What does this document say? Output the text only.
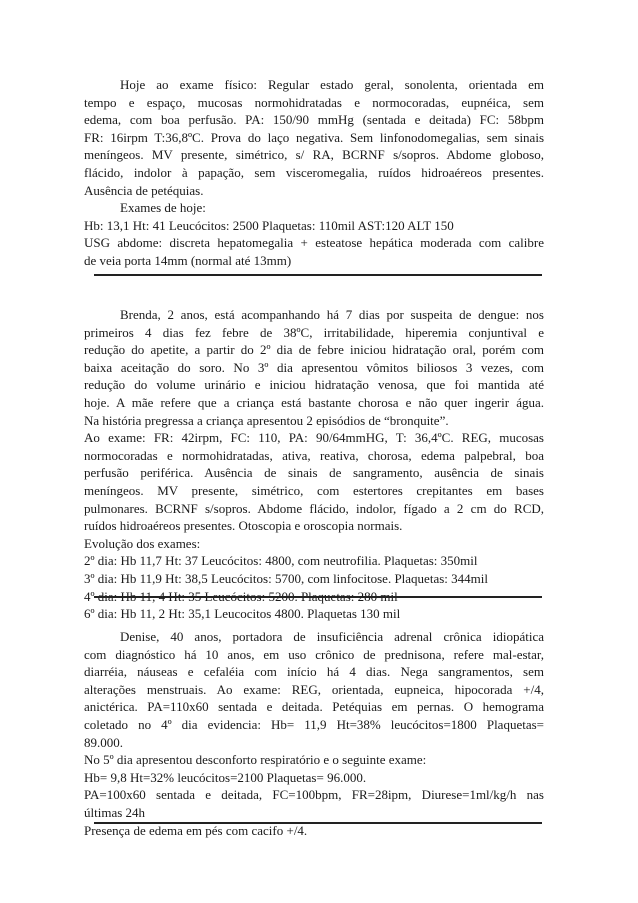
Hoje ao exame físico: Regular estado geral, sonolenta, orientada em
tempo e espaço, mucosas normohidratadas e normocoradas, eupnéica, sem
edema, com boa perfusão. PA: 150/90 mmHg (sentada e deitada) FC: 58bpm
FR: 16irpm T:36,8ºC. Prova do laço negativa. Sem linfonodomegalias, sem sinais
meníngeos. MV presente, simétrico, s/ RA, BCRNF s/sopros. Abdome globoso,
flácido, indolor à papação, sem visceromegalia, ruídos hidroaéreos presentes.
Ausência de petéquias.
Exames de hoje:
Hb: 13,1 Ht: 41 Leucócitos: 2500 Plaquetas: 110mil AST:120 ALT 150
USG abdome: discreta hepatomegalia + esteatose hepática moderada com calibre
de veia porta 14mm (normal até 13mm)
Brenda, 2 anos, está acompanhando há 7 dias por suspeita de dengue: nos
primeiros 4 dias fez febre de 38ºC, irritabilidade, hiperemia conjuntival e
redução do apetite, a partir do 2º dia de febre iniciou hidratação oral, porém com
baixa aceitação do soro. No 3º dia apresentou vômitos biliosos 3 vezes, com
redução do volume urinário e iniciou hidratação venosa, que foi mantida até
hoje. A mãe refere que a criança está bastante chorosa e não quer ingerir água.
Na história pregressa a criança apresentou 2 episódios de “bronquite”.
Ao exame: FR: 42irpm, FC: 110, PA: 90/64mmHG, T: 36,4ºC. REG, mucosas
normocoradas e normohidratadas, ativa, reativa, chorosa, edema palpebral, boa
perfusão periférica. Ausência de sinais de sangramento, ausência de sinais
meníngeos. MV presente, simétrico, com estertores crepitantes em bases
pulmonares. BCRNF s/sopros. Abdome flácido, indolor, fígado a 2 cm do RCD,
ruídos hidroaéreos presentes. Otoscopia e oroscopia normais.
Evolução dos exames:
2º dia: Hb 11,7 Ht: 37 Leucócitos: 4800, com neutrofilia. Plaquetas: 350mil
3º dia: Hb 11,9 Ht: 38,5 Leucócitos: 5700, com linfocitose. Plaquetas: 344mil
4º dia: Hb 11, 4 Ht: 35 Leucócitos: 5200. Plaquetas: 280 mil
6º dia: Hb 11, 2 Ht: 35,1 Leucocitos 4800. Plaquetas 130 mil
Denise, 40 anos, portadora de insuficiência adrenal crônica idiopática
com diagnóstico há 10 anos, em uso crônico de prednisona, refere mal-estar,
diarréia, náuseas e cefaléia com início há 4 dias. Nega sangramentos, sem
alterações menstruais. Ao exame: REG, orientada, eupneica, hipocorada +/4,
anictérica. PA=110x60 sentada e deitada. Petéquias em pernas. O hemograma
coletado no 4º dia evidencia: Hb= 11,9 Ht=38% leucócitos=1800 Plaquetas=
89.000.
No 5º dia apresentou desconforto respiratório e o seguinte exame:
Hb= 9,8 Ht=32% leucócitos=2100 Plaquetas= 96.000.
PA=100x60 sentada e deitada, FC=100bpm, FR=28ipm, Diurese=1ml/kg/h nas
últimas 24h
Presença de edema em pés com cacifo +/4.
